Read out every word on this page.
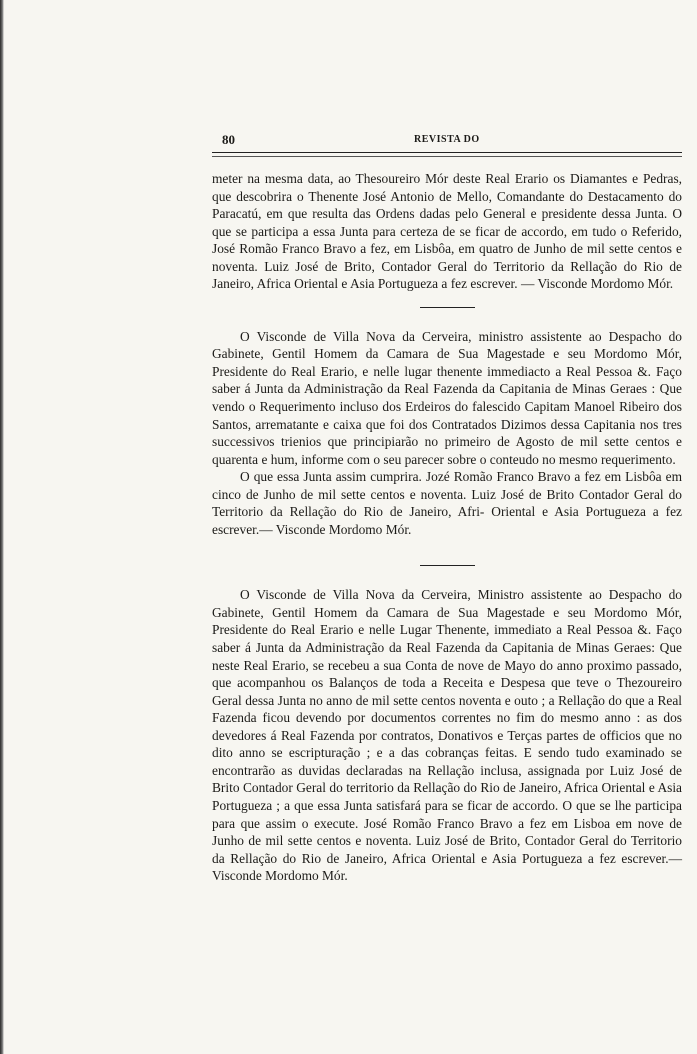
80	REVISTA DO

meter na mesma data, ao Thesoureiro Mór deste Real Erario os Diamantes e Pedras, que descobrira o Thenente José Antonio de Mello, Comandante do Destacamento do Paracatú, em que resulta das Ordens dadas pelo General e presidente dessa Junta. O que se participa a essa Junta para certeza de se ficar de accordo, em tudo o Referido, José Romão Franco Bravo a fez, em Lisbôa, em quatro de Junho de mil sette centos e noventa. Luiz José de Brito, Contador Geral do Territorio da Rellação do Rio de Janeiro, Africa Oriental e Asia Portugueza a fez escrever. — Visconde Mordomo Mór.

O Visconde de Villa Nova da Cerveira, ministro assistente ao Despacho do Gabinete, Gentil Homem da Camara de Sua Magestade e seu Mordomo Mór, Presidente do Real Erario, e nelle lugar thenente immediacto a Real Pessoa &. Faço saber á Junta da Administração da Real Fazenda da Capitania de Minas Geraes : Que vendo o Requerimento incluso dos Erdeiros do falescido Capitam Manoel Ribeiro dos Santos, arrematante e caixa que foi dos Contratados Dizimos dessa Capitania nos tres successivos trienios que principiarão no primeiro de Agosto de mil sette centos e quarenta e hum, informe com o seu parecer sobre o conteudo no mesmo requerimento.

O que essa Junta assim cumprira. Jozé Romão Franco Bravo a fez em Lisbôa em cinco de Junho de mil sette centos e noventa. Luiz José de Brito Contador Geral do Territorio da Rellação do Rio de Janeiro, Afri- Oriental e Asia Portugueza a fez escrever.— Visconde Mordomo Mór.

O Visconde de Villa Nova da Cerveira, Ministro assistente ao Despacho do Gabinete, Gentil Homem da Camara de Sua Magestade e seu Mordomo Mór, Presidente do Real Erario e nelle Lugar Thenente, immediato a Real Pessoa &. Faço saber á Junta da Administração da Real Fazenda da Capitania de Minas Geraes: Que neste Real Erario, se recebeu a sua Conta de nove de Mayo do anno proximo passado, que acompanhou os Balanços de toda a Receita e Despesa que teve o Thezoureiro Geral dessa Junta no anno de mil sette centos noventa e outo ; a Rellação do que a Real Fazenda ficou devendo por documentos correntes no fim do mesmo anno : as dos devedores á Real Fazenda por contratos, Donativos e Terças partes de officios que no dito anno se escripturação ; e a das cobranças feitas. E sendo tudo examinado se encontrarão as duvidas declaradas na Rellação inclusa, assignada por Luiz José de Brito Contador Geral do territorio da Rellação do Rio de Janeiro, Africa Oriental e Asia Portugueza ; a que essa Junta satisfará para se ficar de accordo. O que se lhe participa para que assim o execute. José Romão Franco Bravo a fez em Lisboa em nove de Junho de mil sette centos e noventa. Luiz José de Brito, Contador Geral do Territorio da Rellação do Rio de Janeiro, Africa Oriental e Asia Portugueza a fez escrever.— Visconde Mordomo Mór.
